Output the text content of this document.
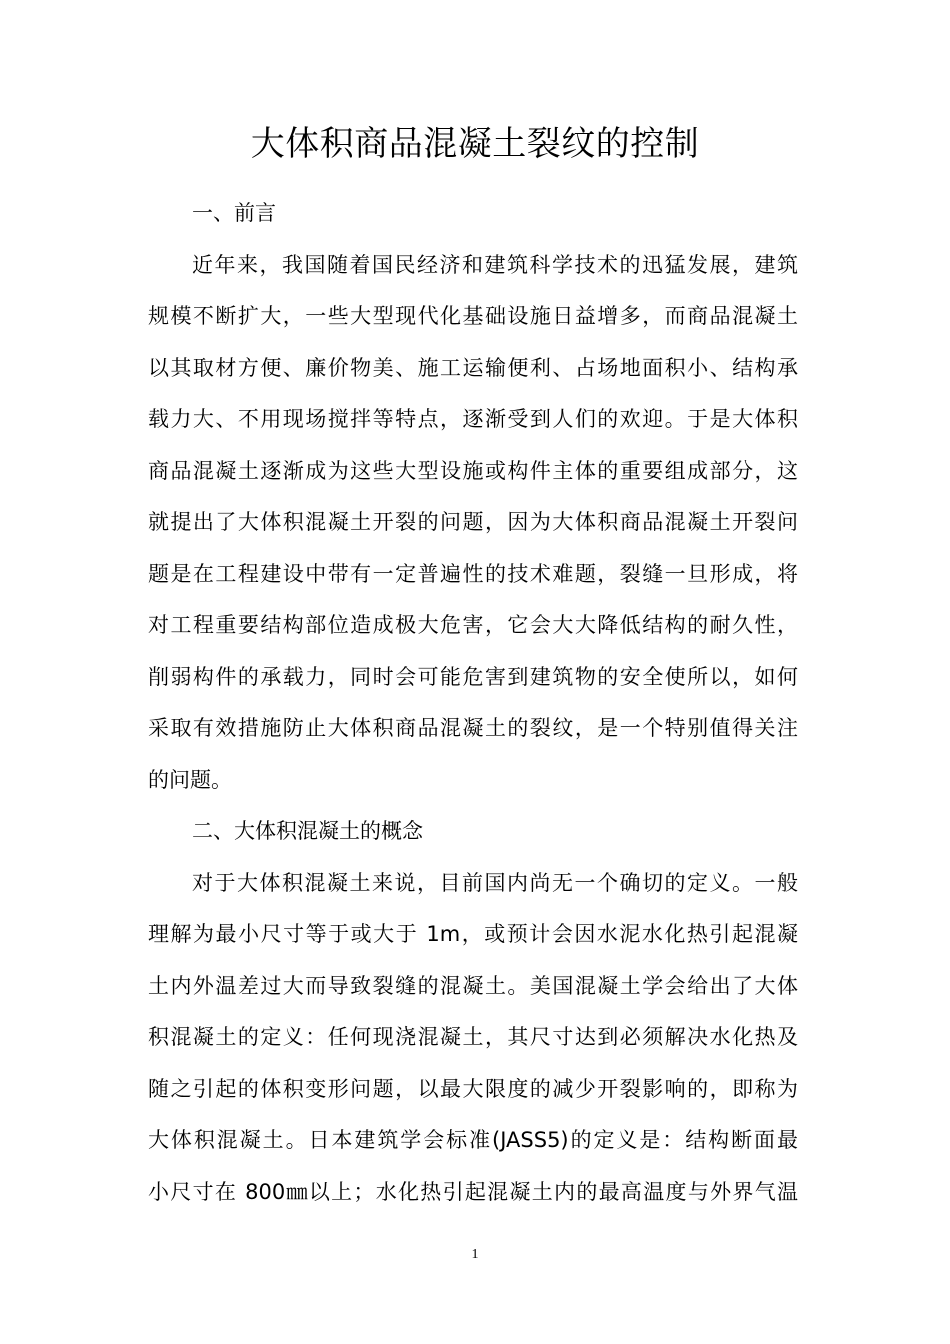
大体积商品混凝土裂纹的控制
一、前言
近年来，我国随着国民经济和建筑科学技术的迅猛发展，建筑
规模不断扩大，一些大型现代化基础设施日益增多，而商品混凝土
以其取材方便、廉价物美、施工运输便利、占场地面积小、结构承
载力大、不用现场搅拌等特点，逐渐受到人们的欢迎。于是大体积
商品混凝土逐渐成为这些大型设施或构件主体的重要组成部分，这
就提出了大体积混凝土开裂的问题，因为大体积商品混凝土开裂问
题是在工程建设中带有一定普遍性的技术难题，裂缝一旦形成，将
对工程重要结构部位造成极大危害，它会大大降低结构的耐久性，
削弱构件的承载力，同时会可能危害到建筑物的安全使所以，如何
采取有效措施防止大体积商品混凝土的裂纹，是一个特别值得关注
的问题。
二、大体积混凝土的概念
对于大体积混凝土来说，目前国内尚无一个确切的定义。一般
理解为最小尺寸等于或大于 1m，或预计会因水泥水化热引起混凝
土内外温差过大而导致裂缝的混凝土。美国混凝土学会给出了大体
积混凝土的定义：任何现浇混凝土，其尺寸达到必须解决水化热及
随之引起的体积变形问题，以最大限度的减少开裂影响的，即称为
大体积混凝土。日本建筑学会标准(JASS5)的定义是：结构断面最
小尺寸在 800㎜以上；水化热引起混凝土内的最高温度与外界气温
1
